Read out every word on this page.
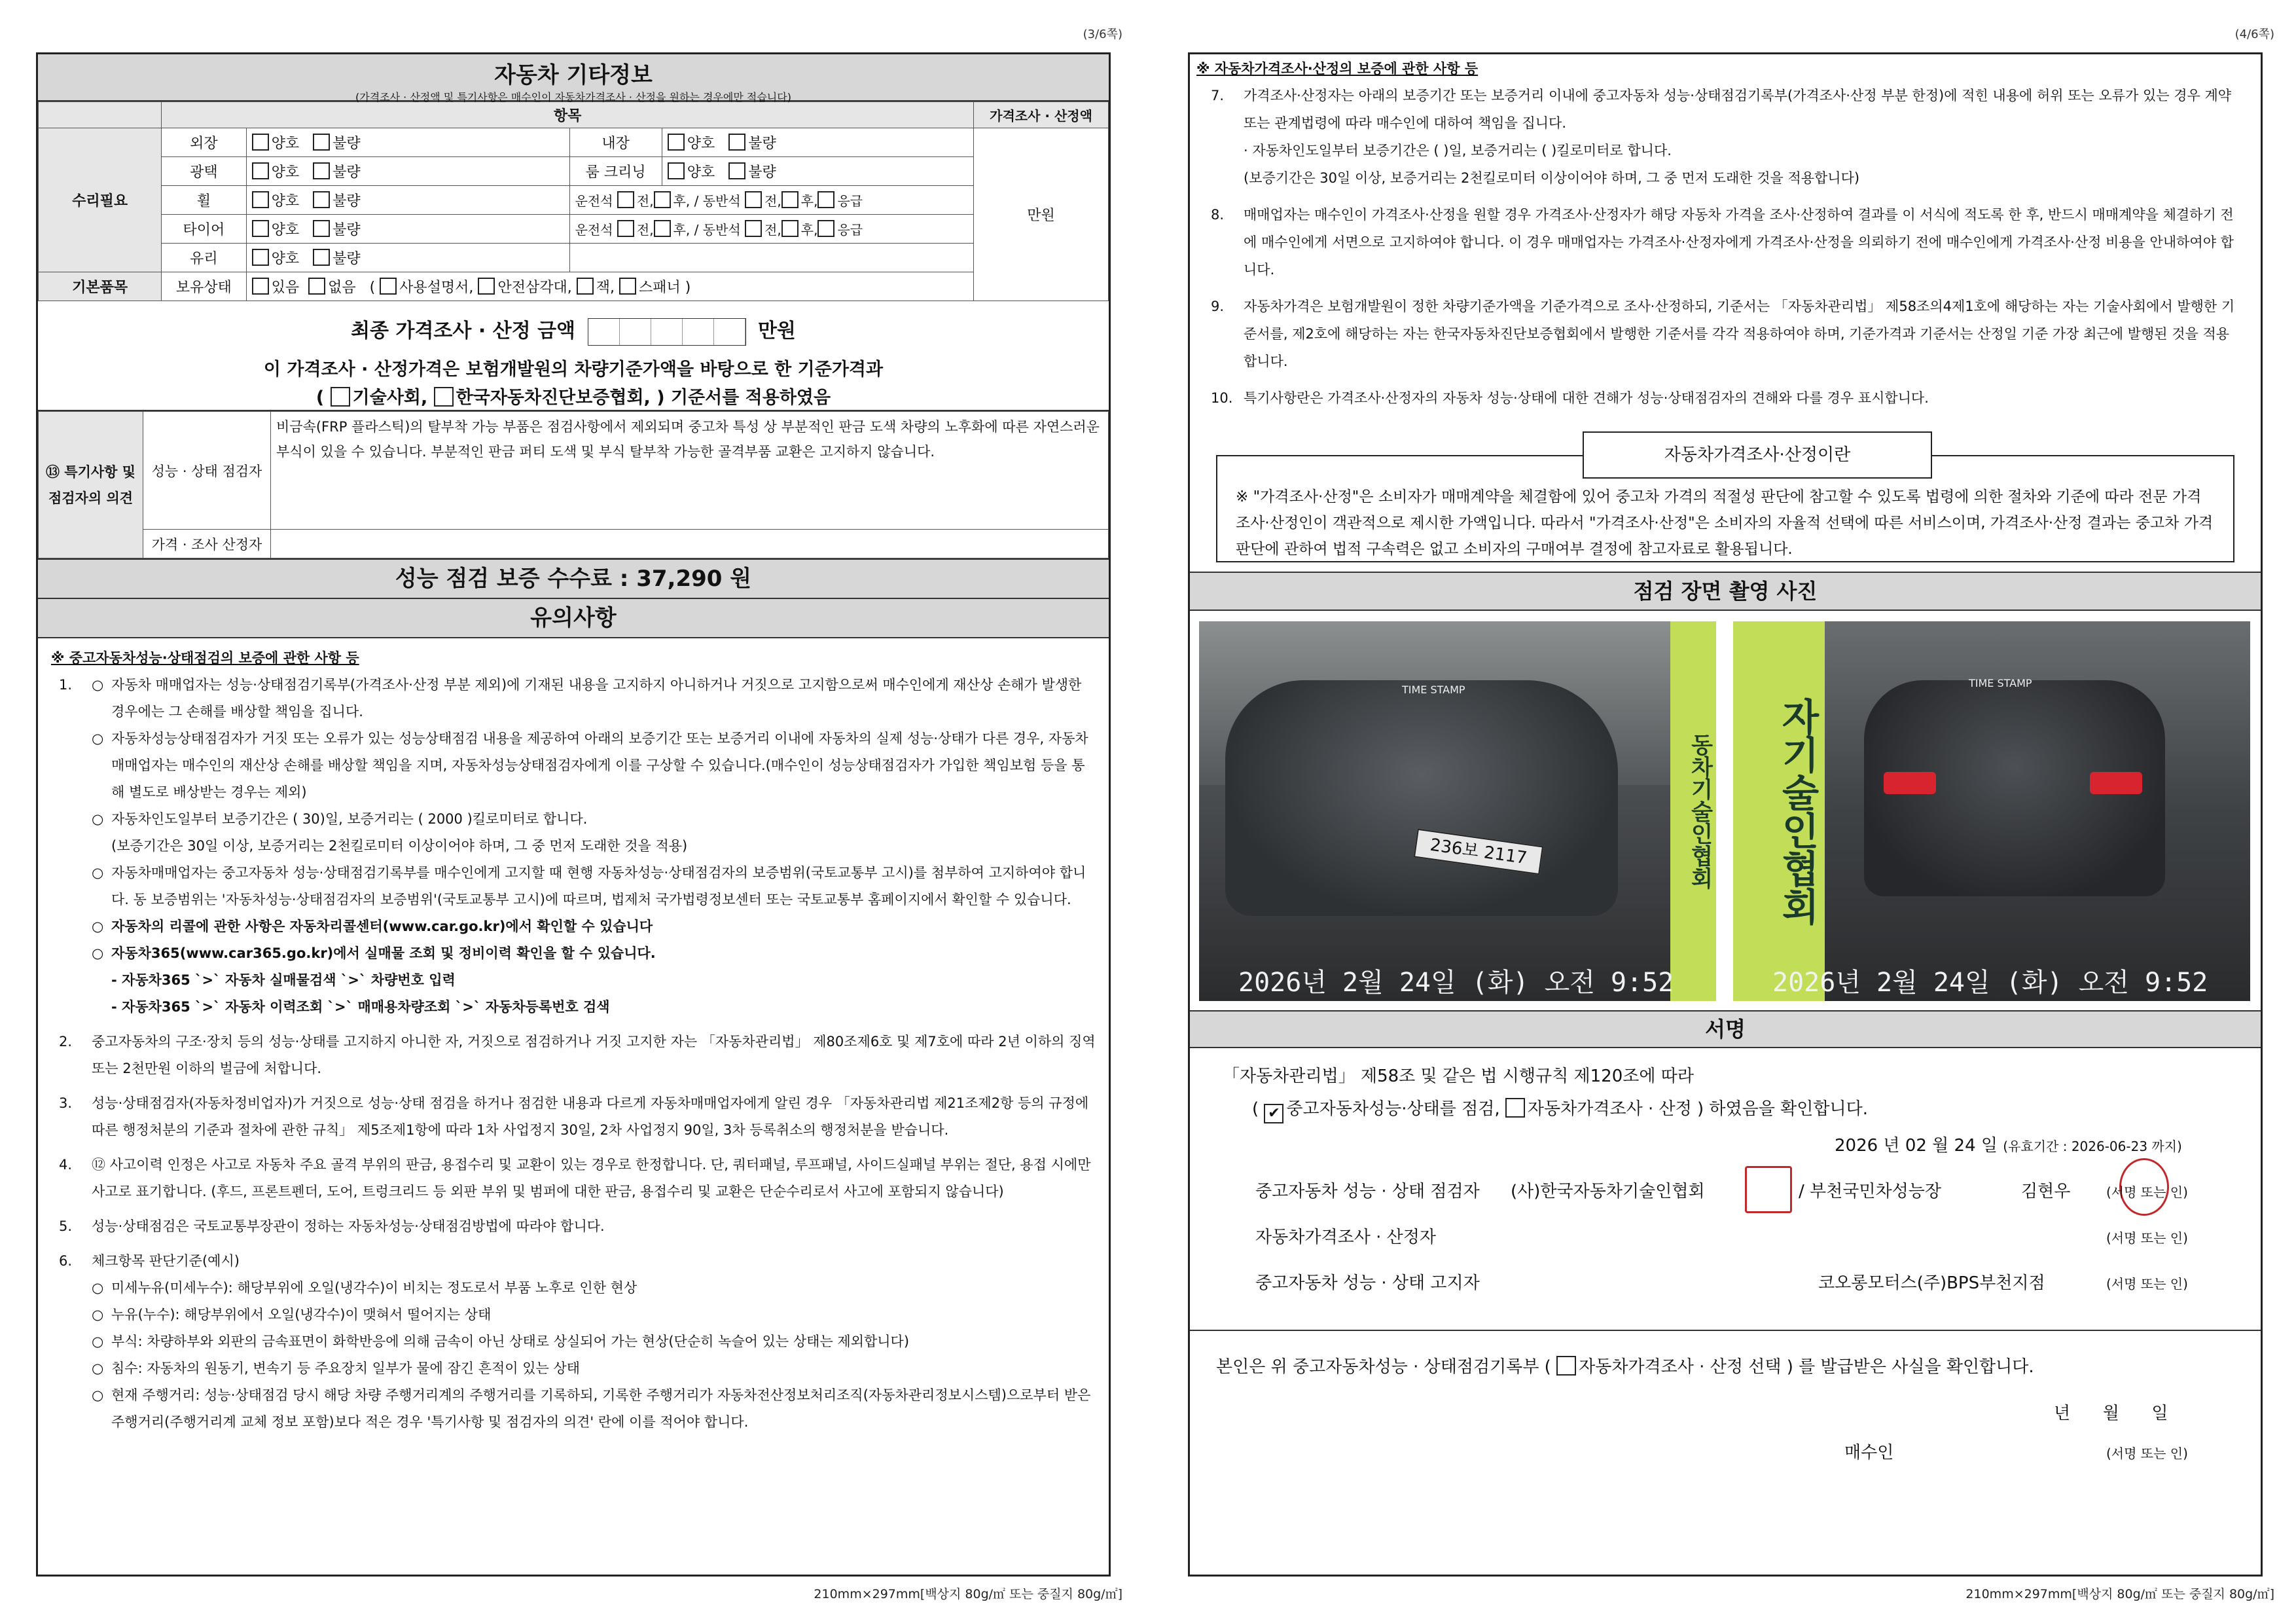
(3/6쪽)
자동차 기타정보
(가격조사 · 산정액 및 특기사항은 매수인이 자동차가격조사 · 산정을 원하는 경우에만 적습니다)
	항목				가격조사 · 산정액
수리필요	외장	양호 불량	내장	양호 불량	만원
	광택	양호 불량	룸 크리닝	양호 불량	
	휠	양호 불량	운전석 전, 후, / 동반석 전, 후, 응급		
	타이어	양호 불량	운전석 전, 후, / 동반석 전, 후, 응급		
	유리	양호 불량			
기본품목	보유상태	있음 없음 ( 사용설명서, 안전삼각대, 잭, 스패너 )			
최종 가격조사 · 산정 금액	만원
이 가격조사 · 산정가격은 보험개발원의 차량기준가액을 바탕으로 한 기준가격과
( 기술사회, 한국자동차진단보증협회, ) 기준서를 적용하였음
⑬ 특기사항 및
점검자의 의견	성능 · 상태 점검자	비금속(FRP 플라스틱)의 탈부착 가능 부품은 점검사항에서 제외되며 중고차 특성 상 부분적인 판금 도색 차량의 노후화에 따른 자연스러운 부식이 있을 수 있습니다. 부분적인 판금 퍼티 도색 및 부식 탈부착 가능한 골격부품 교환은 고지하지 않습니다.
	가격 · 조사 산정자	
성능 점검 보증 수수료 : 37,290 원
유의사항
※ 중고자동차성능·상태점검의 보증에 관한 사항 등
1.	○ 자동차 매매업자는 성능·상태점검기록부(가격조사·산정 부분 제외)에 기재된 내용을 고지하지 아니하거나 거짓으로 고지함으로써 매수인에게 재산상 손해가 발생한 경우에는 그 손해를 배상할 책임을 집니다.
○ 자동차성능상태점검자가 거짓 또는 오류가 있는 성능상태점검 내용을 제공하여 아래의 보증기간 또는 보증거리 이내에 자동차의 실제 성능·상태가 다른 경우, 자동차매매업자는 매수인의 재산상 손해를 배상할 책임을 지며, 자동차성능상태점검자에게 이를 구상할 수 있습니다.(매수인이 성능상태점검자가 가입한 책임보험 등을 통해 별도로 배상받는 경우는 제외)
○ 자동차인도일부터 보증기간은 ( 30)일, 보증거리는 ( 2000 )킬로미터로 합니다.
(보증기간은 30일 이상, 보증거리는 2천킬로미터 이상이어야 하며, 그 중 먼저 도래한 것을 적용)
○ 자동차매매업자는 중고자동차 성능·상태점검기록부를 매수인에게 고지할 때 현행 자동차성능·상태점검자의 보증범위(국토교통부 고시)를 첨부하여 고지하여야 합니다. 동 보증범위는 '자동차성능·상태점검자의 보증범위'(국토교통부 고시)에 따르며, 법제처 국가법령정보센터 또는 국토교통부 홈페이지에서 확인할 수 있습니다.
○ 자동차의 리콜에 관한 사항은 자동차리콜센터(www.car.go.kr)에서 확인할 수 있습니다
○ 자동차365(www.car365.go.kr)에서 실매물 조회 및 정비이력 확인을 할 수 있습니다.
- 자동차365 `>` 자동차 실매물검색 `>` 차량번호 입력
- 자동차365 `>` 자동차 이력조회 `>` 매매용차량조회 `>` 자동차등록번호 검색
2.	중고자동차의 구조·장치 등의 성능·상태를 고지하지 아니한 자, 거짓으로 점검하거나 거짓 고지한 자는 「자동차관리법」 제80조제6호 및 제7호에 따라 2년 이하의 징역 또는 2천만원 이하의 벌금에 처합니다.
3.	성능·상태점검자(자동차정비업자)가 거짓으로 성능·상태 점검을 하거나 점검한 내용과 다르게 자동차매매업자에게 알린 경우 「자동차관리법 제21조제2항 등의 규정에 따른 행정처분의 기준과 절차에 관한 규칙」 제5조제1항에 따라 1차 사업정지 30일, 2차 사업정지 90일, 3차 등록취소의 행정처분을 받습니다.
4.	⑫ 사고이력 인정은 사고로 자동차 주요 골격 부위의 판금, 용접수리 및 교환이 있는 경우로 한정합니다. 단, 쿼터패널, 루프패널, 사이드실패널 부위는 절단, 용접 시에만 사고로 표기합니다. (후드, 프론트펜더, 도어, 트렁크리드 등 외판 부위 및 범퍼에 대한 판금, 용접수리 및 교환은 단순수리로서 사고에 포함되지 않습니다)
5.	성능·상태점검은 국토교통부장관이 정하는 자동차성능·상태점검방법에 따라야 합니다.
6.	체크항목 판단기준(예시)
○ 미세누유(미세누수): 해당부위에 오일(냉각수)이 비치는 정도로서 부품 노후로 인한 현상
○ 누유(누수): 해당부위에서 오일(냉각수)이 맺혀서 떨어지는 상태
○ 부식: 차량하부와 외판의 금속표면이 화학반응에 의해 금속이 아닌 상태로 상실되어 가는 현상(단순히 녹슬어 있는 상태는 제외합니다)
○ 침수: 자동차의 원동기, 변속기 등 주요장치 일부가 물에 잠긴 흔적이 있는 상태
○ 현재 주행거리: 성능·상태점검 당시 해당 차량 주행거리계의 주행거리를 기록하되, 기록한 주행거리가 자동차전산정보처리조직(자동차관리정보시스템)으로부터 받은 주행거리(주행거리계 교체 정보 포함)보다 적은 경우 '특기사항 및 점검자의 의견' 란에 이를 적어야 합니다.
210mm×297mm[백상지 80g/㎡ 또는 중질지 80g/㎡]
(4/6쪽)
※ 자동차가격조사·산정의 보증에 관한 사항 등
7.	가격조사·산정자는 아래의 보증기간 또는 보증거리 이내에 중고자동차 성능·상태점검기록부(가격조사·산정 부분 한정)에 적힌 내용에 허위 또는 오류가 있는 경우 계약 또는 관계법령에 따라 매수인에 대하여 책임을 집니다.
· 자동차인도일부터 보증기간은 ( )일, 보증거리는 ( )킬로미터로 합니다.
(보증기간은 30일 이상, 보증거리는 2천킬로미터 이상이어야 하며, 그 중 먼저 도래한 것을 적용합니다)
8.	매매업자는 매수인이 가격조사·산정을 원할 경우 가격조사·산정자가 해당 자동차 가격을 조사·산정하여 결과를 이 서식에 적도록 한 후, 반드시 매매계약을 체결하기 전에 매수인에게 서면으로 고지하여야 합니다. 이 경우 매매업자는 가격조사·산정자에게 가격조사·산정을 의뢰하기 전에 매수인에게 가격조사·산정 비용을 안내하여야 합니다.
9.	자동차가격은 보험개발원이 정한 차량기준가액을 기준가격으로 조사·산정하되, 기준서는 「자동차관리법」 제58조의4제1호에 해당하는 자는 기술사회에서 발행한 기준서를, 제2호에 해당하는 자는 한국자동차진단보증협회에서 발행한 기준서를 각각 적용하여야 하며, 기준가격과 기준서는 산정일 기준 가장 최근에 발행된 것을 적용합니다.
10. 특기사항란은 가격조사·산정자의 자동차 성능·상태에 대한 견해가 성능·상태점검자의 견해와 다를 경우 표시합니다.
자동차가격조사·산정이란
※ "가격조사·산정"은 소비자가 매매계약을 체결함에 있어 중고차 가격의 적절성 판단에 참고할 수 있도록 법령에 의한 절차와 기준에 따라 전문 가격조사·산정인이 객관적으로 제시한 가액입니다. 따라서 "가격조사·산정"은 소비자의 자율적 선택에 따른 서비스이며, 가격조사·산정 결과는 중고차 가격판단에 관하여 법적 구속력은 없고 소비자의 구매여부 결정에 참고자료로 활용됩니다.
점검 장면 촬영 사진
236보 2117	동차기술인협회
TIME STAMP
2026년 2월 24일 (화) 오전 9:52
자기술인협회
TIME STAMP
2026년 2월 24일 (화) 오전 9:52
서명
「자동차관리법」 제58조 및 같은 법 시행규칙 제120조에 따라
( ✔ 중고자동차성능·상태를 점검, 자동차가격조사 · 산정 ) 하였음을 확인합니다.
2026 년 02 월 24 일 (유효기간 : 2026-06-23 까지)
중고자동차 성능 · 상태 점검자 (사)한국자동차기술인협회	/ 부천국민차성능장	김현우	(서명 또는 인)
자동차가격조사 · 산정자	(서명 또는 인)
중고자동차 성능 · 상태 고지자	코오롱모터스(주)BPS부천지점	(서명 또는 인)
본인은 위 중고자동차성능 · 상태점검기록부 ( 자동차가격조사 · 산정 선택 ) 를 발급받은 사실을 확인합니다.
년      월      일
매수인	(서명 또는 인)
210mm×297mm[백상지 80g/㎡ 또는 중질지 80g/㎡]
